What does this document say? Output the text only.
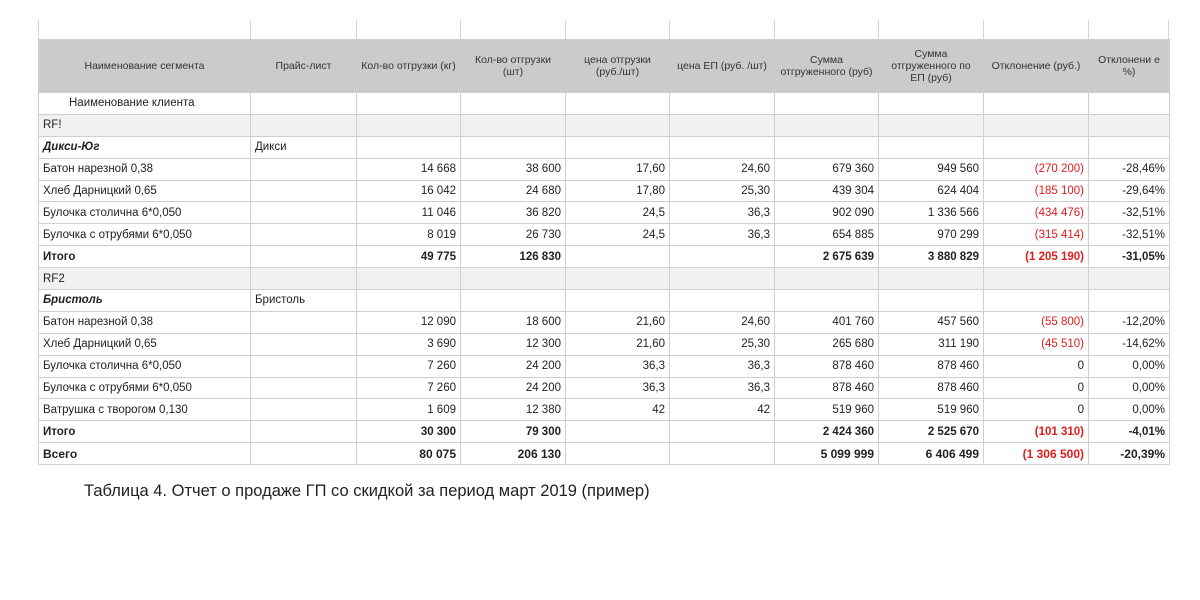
Наименование сегмента	Прайс-лист	Кол-во отгрузки (кг)	Кол-во отгрузки (шт)	цена отгрузки (руб./шт)	цена ЕП (руб. /шт)	Сумма отгруженного (руб)	Сумма отгруженного по ЕП (руб)	Отклонение (руб.)	Отклонени е %)
Наименование клиента									
RF!									
Дикси-Юг	Дикси								
Батон нарезной 0,38		14 668	38 600	17,60	24,60	679 360	949 560	(270 200)	-28,46%
Хлеб Дарницкий 0,65		16 042	24 680	17,80	25,30	439 304	624 404	(185 100)	-29,64%
Булочка столична 6*0,050		11 046	36 820	24,5	36,3	902 090	1 336 566	(434 476)	-32,51%
Булочка с отрубями 6*0,050		8 019	26 730	24,5	36,3	654 885	970 299	(315 414)	-32,51%
Итого		49 775	126 830			2 675 639	3 880 829	(1 205 190)	-31,05%
RF2									
Бристоль	Бристоль								
Батон нарезной 0,38		12 090	18 600	21,60	24,60	401 760	457 560	(55 800)	-12,20%
Хлеб Дарницкий 0,65		3 690	12 300	21,60	25,30	265 680	311 190	(45 510)	-14,62%
Булочка столична 6*0,050		7 260	24 200	36,3	36,3	878 460	878 460	0	0,00%
Булочка с отрубями 6*0,050		7 260	24 200	36,3	36,3	878 460	878 460	0	0,00%
Ватрушка с творогом 0,130		1 609	12 380	42	42	519 960	519 960	0	0,00%
Итого		30 300	79 300			2 424 360	2 525 670	(101 310)	-4,01%
Всего		80 075	206 130			5 099 999	6 406 499	(1 306 500)	-20,39%
Таблица 4. Отчет о продаже ГП со скидкой за период март 2019 (пример)
